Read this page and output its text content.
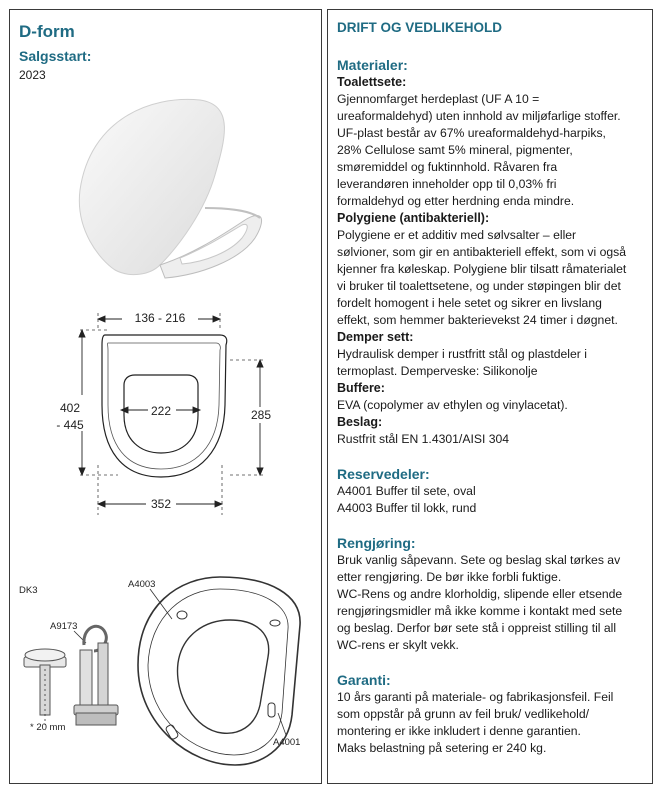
D-form
Salgsstart:
2023
136 - 216
222
402
- 445
285
352
DK3
A9173
* 20 mm
A4003
A4001
DRIFT OG VEDLIKEHOLD
Materialer:
Toalettsete:
Gjennomfarget herdeplast (UF A 10 =
ureaformaldehyd) uten innhold av miljøfarlige stoffer.
UF-plast består av 67% ureaformaldehyd-harpiks,
28% Cellulose samt 5% mineral, pigmenter,
smøremiddel og fuktinnhold. Råvaren fra
leverandøren inneholder opp til 0,03% fri
formaldehyd og etter herdning enda mindre.
Polygiene (antibakteriell):
Polygiene er et additiv med sølvsalter – eller
sølvioner, som gir en antibakteriell effekt, som vi også
kjenner fra køleskap. Polygiene blir tilsatt råmaterialet
vi bruker til toalettsetene, og under støpingen blir det
fordelt homogent i hele setet og sikrer en livslang
effekt, som hemmer bakterievekst 24 timer i døgnet.
Demper sett:
Hydraulisk demper i rustfritt stål og plastdeler i
termoplast. Demperveske: Silikonolje
Buffere:
EVA (copolymer av ethylen og vinylacetat).
Beslag:
Rustfrit stål EN 1.4301/AISI 304
Reservedeler:
A4001 Buffer til sete, oval
A4003 Buffer til lokk, rund
Rengjøring:
Bruk vanlig såpevann. Sete og beslag skal tørkes av
etter rengjøring. De bør ikke forbli fuktige.
WC-Rens og andre klorholdig, slipende eller etsende
rengjøringsmidler må ikke komme i kontakt med sete
og beslag. Derfor bør sete stå i oppreist stilling til all
WC-rens er skylt vekk.
Garanti:
10 års garanti på materiale- og fabrikasjonsfeil. Feil
som oppstår på grunn av feil bruk/ vedlikehold/
montering er ikke inkludert i denne garantien.
Maks belastning på setering er 240 kg.
